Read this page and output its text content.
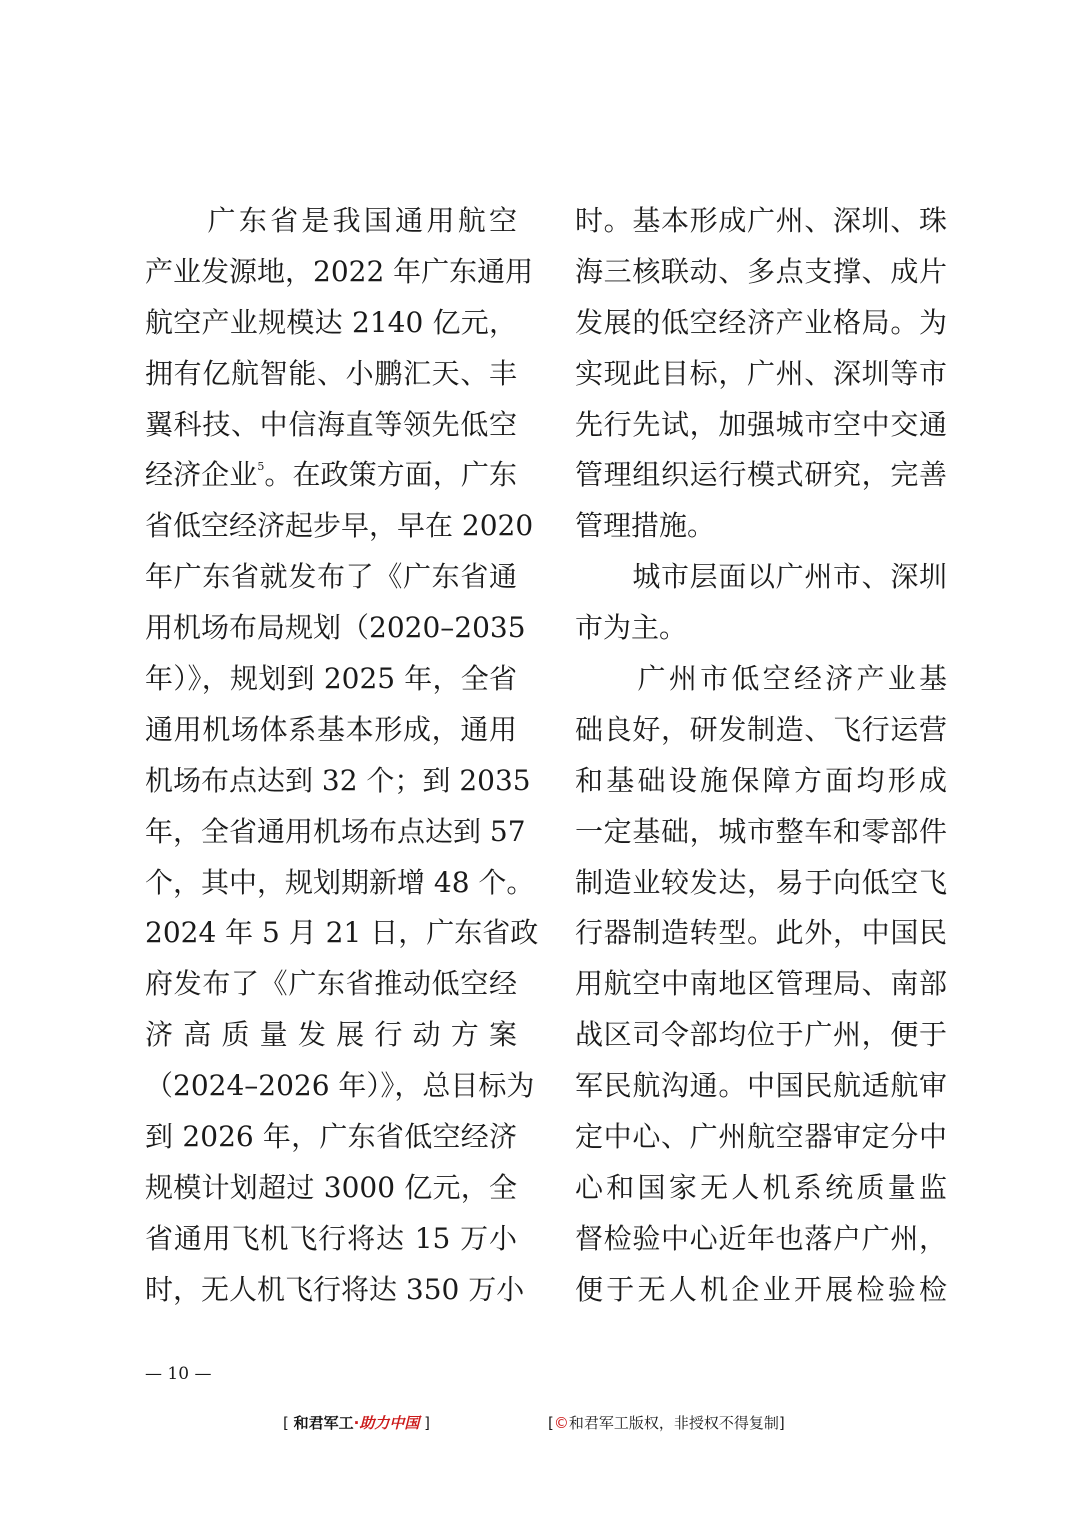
　　广东省是我国通用航空
产业发源地，2022 年广东通用
航空产业规模达 2140 亿元，
拥有亿航智能、小鹏汇天、丰
翼科技、中信海直等领先低空
经济企业$^5$。在政策方面，广东
省低空经济起步早，早在 2020
年广东省就发布了《广东省通
用机场布局规划（2020–2035
年）》，规划到 2025 年，全省
通用机场体系基本形成，通用
机场布点达到 32 个；到 2035
年，全省通用机场布点达到 57
个，其中，规划期新增 48 个。
2024 年 5 月 21 日，广东省政
府发布了《广东省推动低空经
济高质量发展行动方案
（2024–2026 年）》，总目标为
到 2026 年，广东省低空经济
规模计划超过 3000 亿元，全
省通用飞机飞行将达 15 万小
时，无人机飞行将达 350 万小
时。基本形成广州、深圳、珠
海三核联动、多点支撑、成片
发展的低空经济产业格局。为
实现此目标，广州、深圳等市
先行先试，加强城市空中交通
管理组织运行模式研究，完善
管理措施。
　　城市层面以广州市、深圳
市为主。
　　广州市低空经济产业基
础良好，研发制造、飞行运营
和基础设施保障方面均形成
一定基础，城市整车和零部件
制造业较发达，易于向低空飞
行器制造转型。此外，中国民
用航空中南地区管理局、南部
战区司令部均位于广州，便于
军民航沟通。中国民航适航审
定中心、广州航空器审定分中
心和国家无人机系统质量监
督检验中心近年也落户广州，
便于无人机企业开展检验检
— 10 —
[ 和君军工·助力中国 ]	[©和君军工版权，非授权不得复制]
